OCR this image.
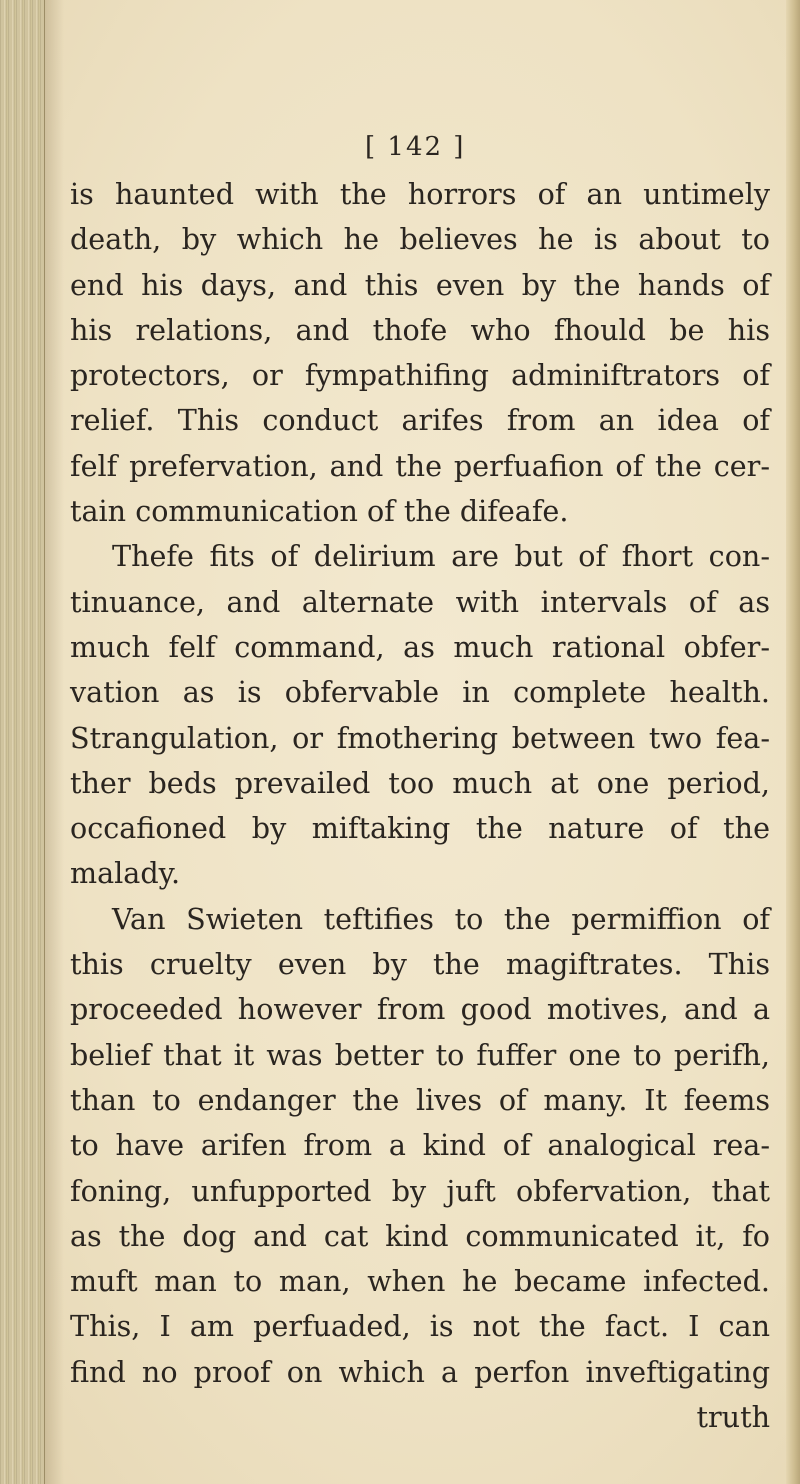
[ 142 ]
is haunted with the horrors of an untimely
death, by which he believes he is about to
end his days, and this even by the hands of
his relations, and thofe who fhould be his
protectors, or fympathifing adminiftrators of
relief. This conduct arifes from an idea of
felf prefervation, and the perfuafion of the cer-
tain communication of the difeafe.
Thefe fits of delirium are but of fhort con-
tinuance, and alternate with intervals of as
much felf command, as much rational obfer-
vation as is obfervable in complete health.
Strangulation, or fmothering between two fea-
ther beds prevailed too much at one period,
occafioned by miftaking the nature of the
malady.
Van Swieten teftifies to the permiffion of
this cruelty even by the magiftrates. This
proceeded however from good motives, and a
belief that it was better to fuffer one to perifh,
than to endanger the lives of many. It feems
to have arifen from a kind of analogical rea-
foning, unfupported by juft obfervation, that
as the dog and cat kind communicated it, fo
muft man to man, when he became infected.
This, I am perfuaded, is not the fact. I can
find no proof on which a perfon inveftigating
truth
